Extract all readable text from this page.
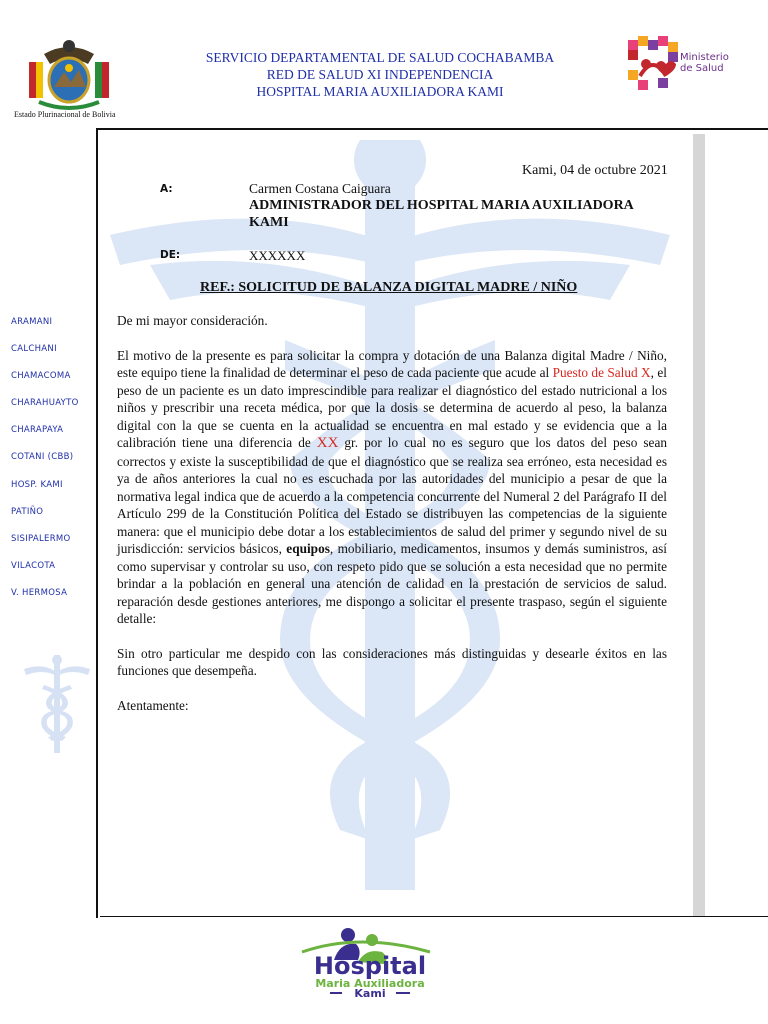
Estado Plurinacional de Bolivia
SERVICIO DEPARTAMENTAL DE SALUD COCHABAMBA
RED DE SALUD XI INDEPENDENCIA
HOSPITAL MARIA AUXILIADORA KAMI
Ministerio
de Salud
ARAMANI
CALCHANI
CHAMACOMA
CHARAHUAYTO
CHARAPAYA
COTANI (CBB)
HOSP. KAMI
PATIÑO
SISIPALERMO
VILACOTA
V. HERMOSA
Kami, 04 de octubre 2021
A:	Carmen Costana Caiguara
ADMINISTRADOR DEL HOSPITAL MARIA AUXILIADORA KAMI
DE:	XXXXXX
REF.: SOLICITUD DE BALANZA DIGITAL MADRE / NIÑO

De mi mayor consideración.

El motivo de la presente es para solicitar la compra y dotación de una Balanza digital Madre / Niño, este equipo tiene la finalidad de determinar el peso de cada paciente que acude al Puesto de Salud X, el peso de un paciente es un dato imprescindible para realizar el diagnóstico del estado nutricional a los niños y prescribir una receta médica, por que la dosis se determina de acuerdo al peso, la balanza digital con la que se cuenta en la actualidad se encuentra en mal estado y se evidencia que a la calibración tiene una diferencia de XX gr. por lo cual no es seguro que los datos del peso sean correctos y existe la susceptibilidad de que el diagnóstico que se realiza sea erróneo, esta necesidad es ya de años anteriores la cual no es escuchada por las autoridades del municipio a pesar de que la normativa legal indica que de acuerdo a la competencia concurrente del Numeral 2 del Parágrafo II del Artículo 299 de la Constitución Política del Estado se distribuyen las competencias de la siguiente manera: que el municipio debe dotar a los establecimientos de salud del primer y segundo nivel de su jurisdicción: servicios básicos, equipos, mobiliario, medicamentos, insumos y demás suministros, así como supervisar y controlar su uso, con respeto pido que se solución a esta necesidad que no permite brindar a la población en general una atención de calidad en la prestación de servicios de salud. reparación desde gestiones anteriores, me dispongo a solicitar el presente traspaso, según el siguiente detalle:

Sin otro particular me despido con las consideraciones más distinguidas y desearle éxitos en las funciones que desempeña.

Atentamente:

Hospital
Maria Auxiliadora
Kami
